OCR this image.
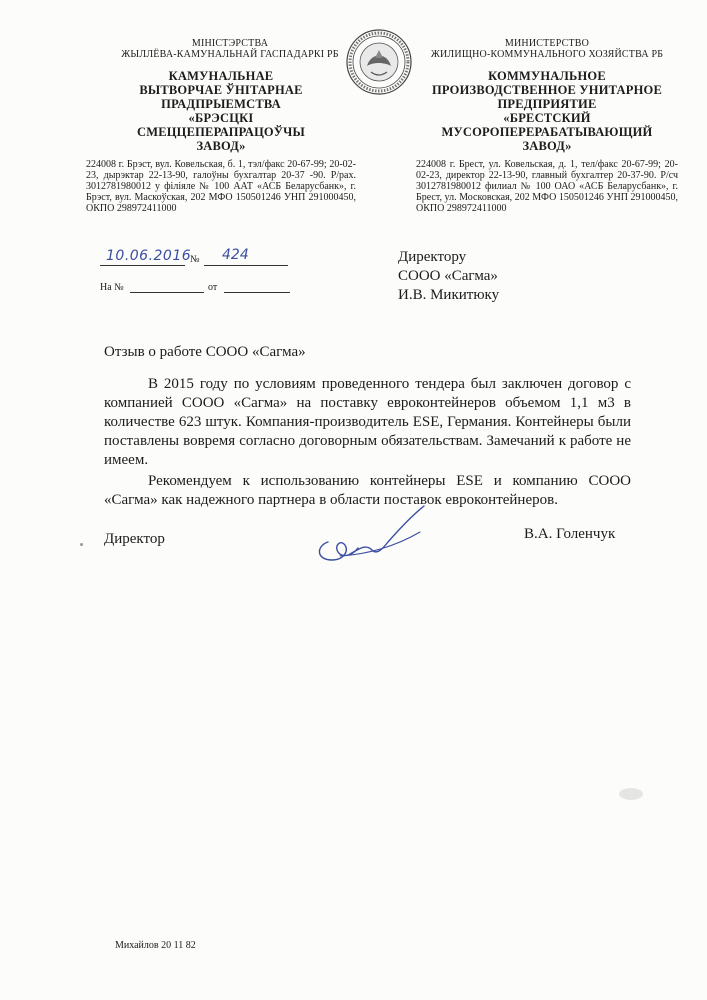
МІНІСТЭРСТВА
ЖЫЛЛЁВА-КАМУНАЛЬНАЙ ГАСПАДАРКІ РБ
КАМУНАЛЬНАЕ
ВЫТВОРЧАЕ ЎНІТАРНАЕ
ПРАДПРЫЕМСТВА
«БРЭСЦКІ
СМЕЦЦЕПЕРАПРАЦОЎЧЫ
ЗАВОД»
224008 г. Брэст, вул. Ковельская, б. 1, тэл/факс 20-67-99; 20-02-23, дырэктар 22-13-90, галоўны бухгалтар 20-37 -90. Р/рах. 3012781980012 у філіяле № 100 ААТ «АСБ Беларусбанк», г. Брэст, вул. Маскоўская, 202 МФО 150501246 УНП 291000450, ОКПО 298972411000
МИНИСТЕРСТВО
ЖИЛИЩНО-КОММУНАЛЬНОГО ХОЗЯЙСТВА РБ
КОММУНАЛЬНОЕ
ПРОИЗВОДСТВЕННОЕ УНИТАРНОЕ
ПРЕДПРИЯТИЕ
«БРЕСТСКИЙ
МУСОРОПЕРЕРАБАТЫВАЮЩИЙ
ЗАВОД»
224008 г. Брест, ул. Ковельская, д. 1, тел/факс 20-67-99; 20-02-23, директор 22-13-90, главный бухгалтер 20-37-90. Р/сч 3012781980012 филиал № 100 ОАО «АСБ Беларусбанк», г. Брест, ул. Московская, 202 МФО 150501246 УНП 291000450, ОКПО 298972411000
10.06.2016
№ 424
На №	от
Директору
СООО «Сагма»
И.В. Микитюку
Отзыв о работе СООО «Сагма»

В 2015 году по условиям проведенного тендера был заключен договор с компанией СООО «Сагма» на поставку евроконтейнеров объемом 1,1 м3 в количестве 623 штук. Компания-производитель ESE, Германия. Контейнеры были поставлены вовремя согласно договорным обязательствам. Замечаний к работе не имеем.

Рекомендуем к использованию контейнеры ESE и компанию СООО «Сагма» как надежного партнера в области поставок евроконтейнеров.

Директор	В.А. Голенчук
Михайлов 20 11 82
